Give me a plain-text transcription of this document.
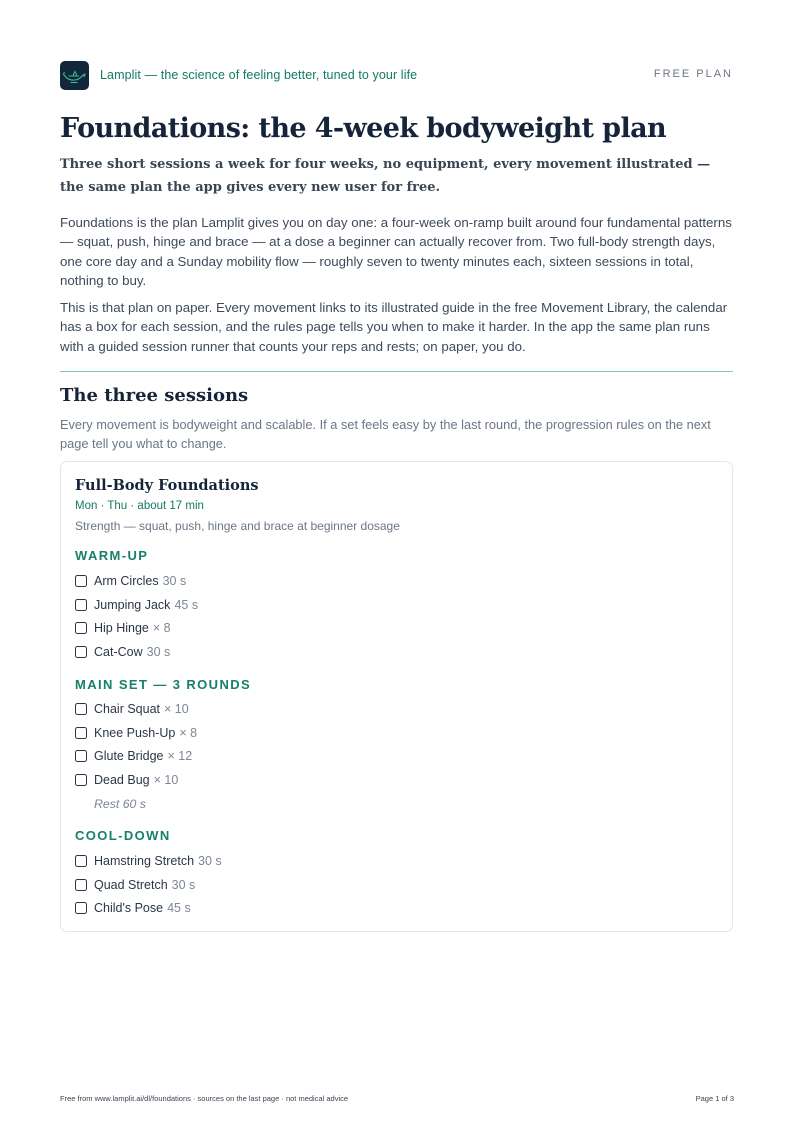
Lamplit — the science of feeling better, tuned to your life	FREE PLAN
Foundations: the 4-week bodyweight plan

Three short sessions a week for four weeks, no equipment, every movement illustrated — the same plan the app gives every new user for free.

Foundations is the plan Lamplit gives you on day one: a four-week on-ramp built around four fundamental patterns — squat, push, hinge and brace — at a dose a beginner can actually recover from. Two full-body strength days, one core day and a Sunday mobility flow — roughly seven to twenty minutes each, sixteen sessions in total, nothing to buy.

This is that plan on paper. Every movement links to its illustrated guide in the free Movement Library, the calendar has a box for each session, and the rules page tells you when to make it harder. In the app the same plan runs with a guided session runner that counts your reps and rests; on paper, you do.

The three sessions

Every movement is bodyweight and scalable. If a set feels easy by the last round, the progression rules on the next page tell you what to change.

Full-Body Foundations
Mon · Thu · about 17 min
Strength — squat, push, hinge and brace at beginner dosage
WARM-UP
Arm Circles 30 s
Jumping Jack 45 s
Hip Hinge × 8
Cat-Cow 30 s
MAIN SET — 3 ROUNDS
Chair Squat × 10
Knee Push-Up × 8
Glute Bridge × 12
Dead Bug × 10
Rest 60 s
COOL-DOWN
Hamstring Stretch 30 s
Quad Stretch 30 s
Child's Pose 45 s
Free from www.lamplit.ai/dl/foundations · sources on the last page · not medical advice	Page 1 of 3
